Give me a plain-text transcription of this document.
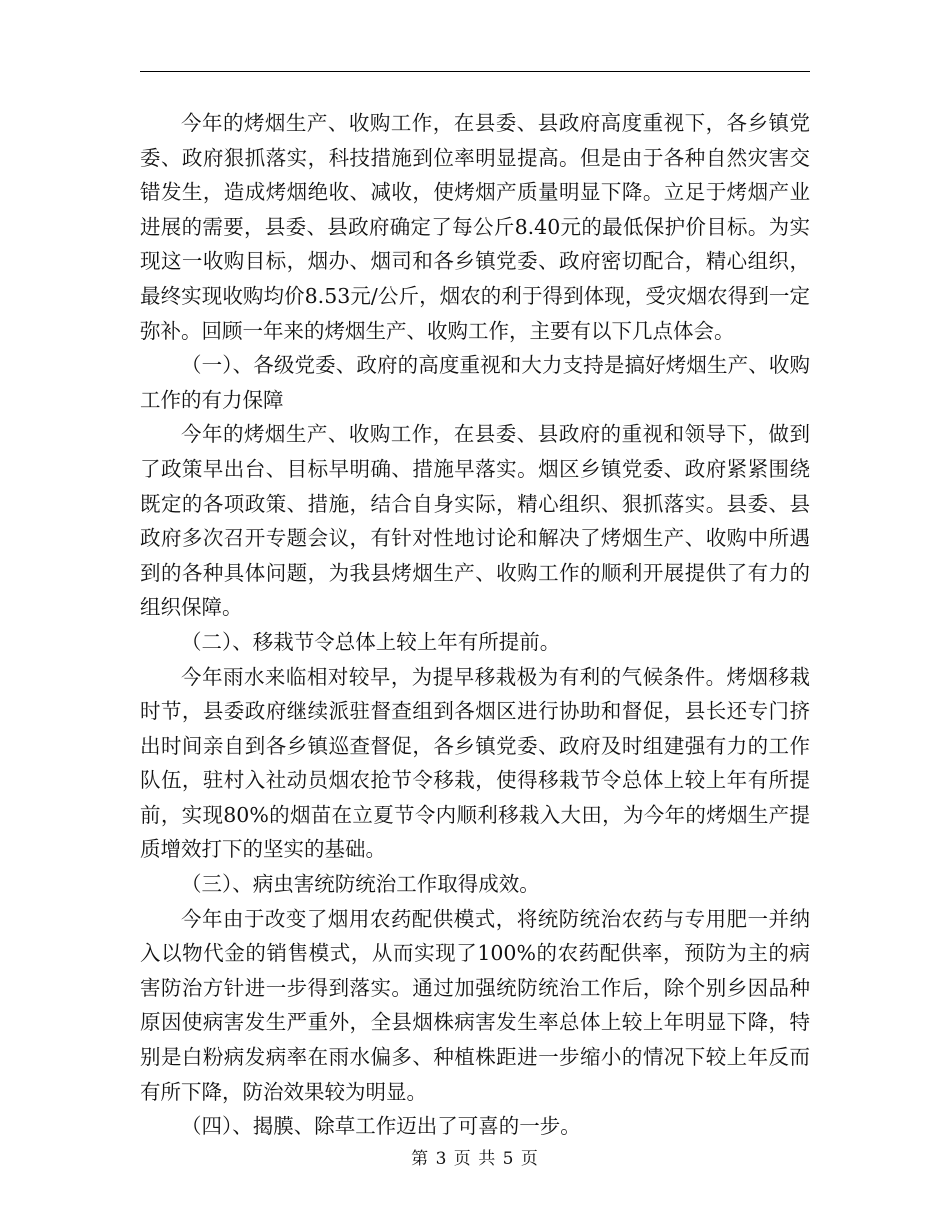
今年的烤烟生产、收购工作，在县委、县政府高度重视下，各乡镇党委、政府狠抓落实，科技措施到位率明显提高。但是由于各种自然灾害交错发生，造成烤烟绝收、减收，使烤烟产质量明显下降。立足于烤烟产业进展的需要，县委、县政府确定了每公斤8.40元的最低保护价目标。为实现这一收购目标，烟办、烟司和各乡镇党委、政府密切配合，精心组织，最终实现收购均价8.53元/公斤，烟农的利于得到体现，受灾烟农得到一定弥补。回顾一年来的烤烟生产、收购工作，主要有以下几点体会。

（一）、各级党委、政府的高度重视和大力支持是搞好烤烟生产、收购工作的有力保障

今年的烤烟生产、收购工作，在县委、县政府的重视和领导下，做到了政策早出台、目标早明确、措施早落实。烟区乡镇党委、政府紧紧围绕既定的各项政策、措施，结合自身实际，精心组织、狠抓落实。县委、县政府多次召开专题会议，有针对性地讨论和解决了烤烟生产、收购中所遇到的各种具体问题，为我县烤烟生产、收购工作的顺利开展提供了有力的组织保障。

（二）、移栽节令总体上较上年有所提前。

今年雨水来临相对较早，为提早移栽极为有利的气候条件。烤烟移栽时节，县委政府继续派驻督查组到各烟区进行协助和督促，县长还专门挤出时间亲自到各乡镇巡查督促，各乡镇党委、政府及时组建强有力的工作队伍，驻村入社动员烟农抢节令移栽，使得移栽节令总体上较上年有所提前，实现80%的烟苗在立夏节令内顺利移栽入大田，为今年的烤烟生产提质增效打下的坚实的基础。

（三）、病虫害统防统治工作取得成效。

今年由于改变了烟用农药配供模式，将统防统治农药与专用肥一并纳入以物代金的销售模式，从而实现了100%的农药配供率，预防为主的病害防治方针进一步得到落实。通过加强统防统治工作后，除个别乡因品种原因使病害发生严重外，全县烟株病害发生率总体上较上年明显下降，特别是白粉病发病率在雨水偏多、种植株距进一步缩小的情况下较上年反而有所下降，防治效果较为明显。

（四）、揭膜、除草工作迈出了可喜的一步。

第 3 页 共 5 页
